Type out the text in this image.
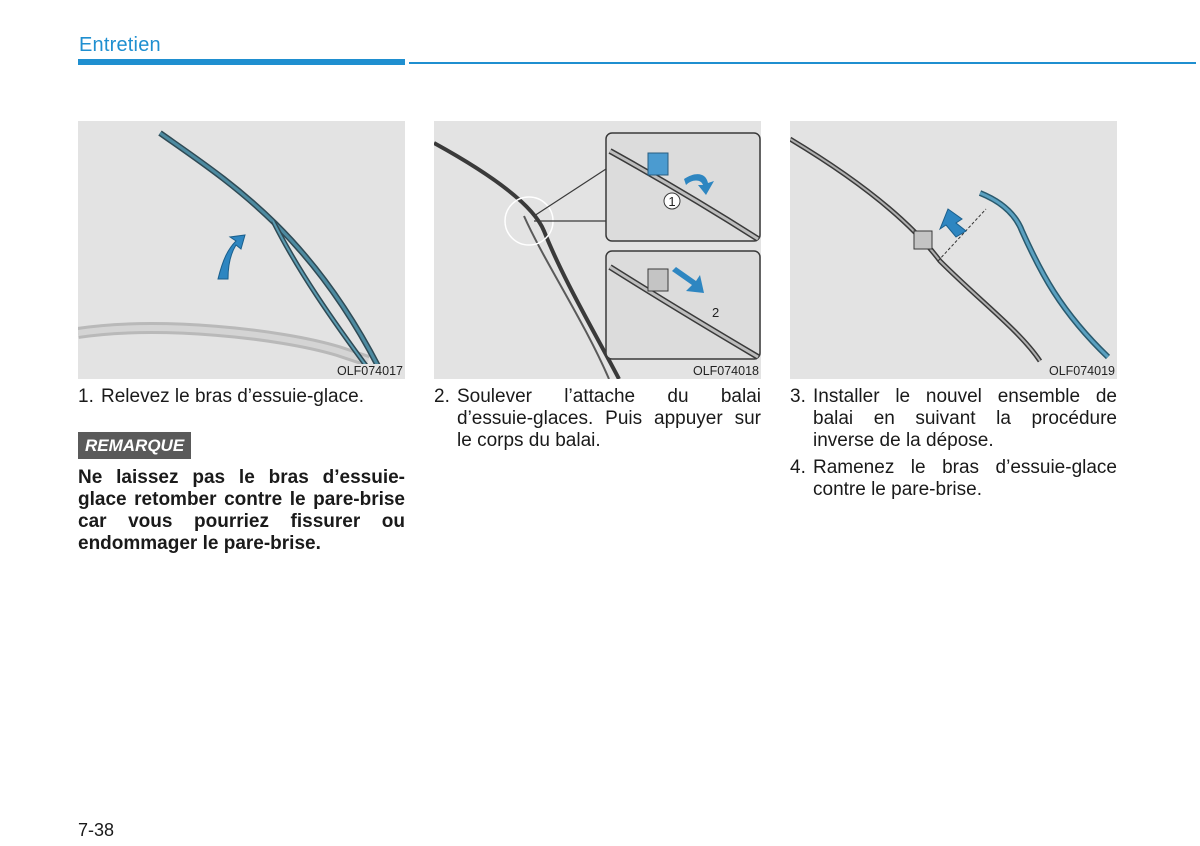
Entretien
OLF074017
1
2
OLF074018	OLF074019
1. Relevez le bras d’essuie-glace.
REMARQUE
Ne laissez pas le bras d’essuie-glace retomber contre le pare-brise car vous pourriez fissurer ou endommager le pare-brise.
2. Soulever l’attache du balai d’essuie-glaces. Puis appuyer sur le corps du balai.
3. Installer le nouvel ensemble de balai en suivant la procédure inverse de la dépose.
4. Ramenez le bras d’essuie-glace contre le pare-brise.
7-38
